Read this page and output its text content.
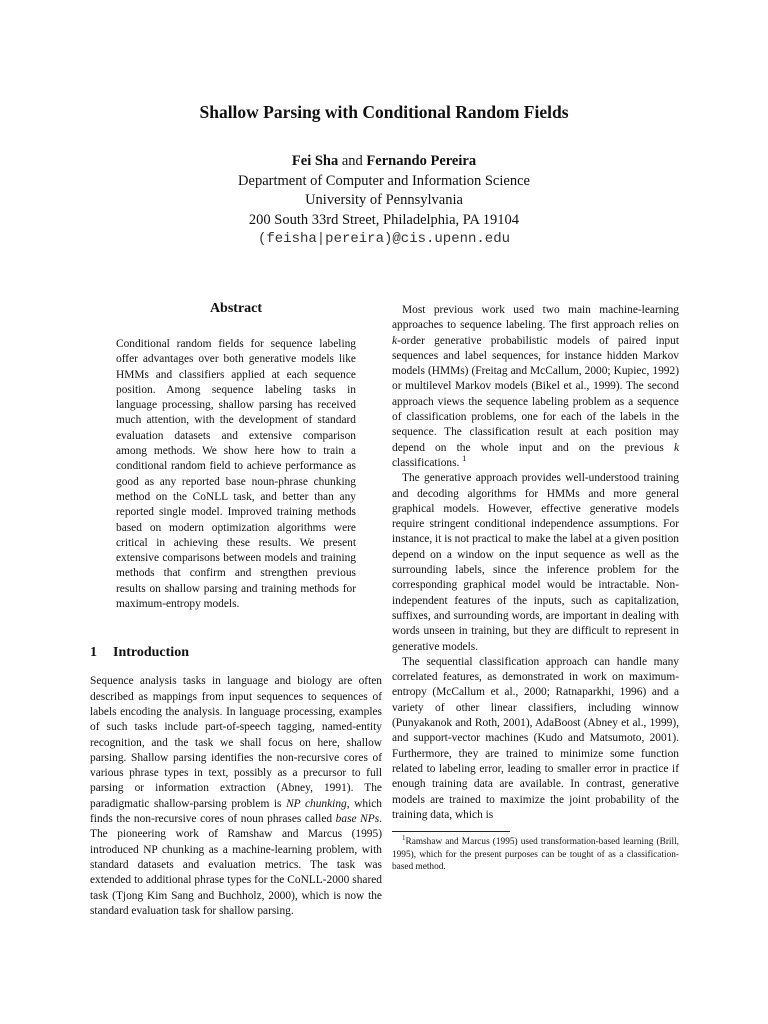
Shallow Parsing with Conditional Random Fields
Fei Sha and Fernando Pereira
Department of Computer and Information Science
University of Pennsylvania
200 South 33rd Street, Philadelphia, PA 19104
(feisha|pereira)@cis.upenn.edu
Abstract

Conditional random fields for sequence labeling offer advantages over both generative models like HMMs and classifiers applied at each sequence position. Among sequence labeling tasks in language processing, shallow parsing has received much attention, with the development of standard evaluation datasets and extensive comparison among methods. We show here how to train a conditional random field to achieve performance as good as any reported base noun-phrase chunking method on the CoNLL task, and better than any reported single model. Improved training methods based on modern optimization algorithms were critical in achieving these results. We present extensive comparisons between models and training methods that confirm and strengthen previous results on shallow parsing and training methods for maximum-entropy models.

1 Introduction

Sequence analysis tasks in language and biology are often described as mappings from input sequences to sequences of labels encoding the analysis. In language processing, examples of such tasks include part-of-speech tagging, named-entity recognition, and the task we shall focus on here, shallow parsing. Shallow parsing identifies the non-recursive cores of various phrase types in text, possibly as a precursor to full parsing or information extraction (Abney, 1991). The paradigmatic shallow-parsing problem is NP chunking, which finds the non-recursive cores of noun phrases called base NPs. The pioneering work of Ramshaw and Marcus (1995) introduced NP chunking as a machine-learning problem, with standard datasets and evaluation metrics. The task was extended to additional phrase types for the CoNLL-2000 shared task (Tjong Kim Sang and Buchholz, 2000), which is now the standard evaluation task for shallow parsing.

Most previous work used two main machine-learning approaches to sequence labeling. The first approach relies on k-order generative probabilistic models of paired input sequences and label sequences, for instance hidden Markov models (HMMs) (Freitag and McCallum, 2000; Kupiec, 1992) or multilevel Markov models (Bikel et al., 1999). The second approach views the sequence labeling problem as a sequence of classification problems, one for each of the labels in the sequence. The classification result at each position may depend on the whole input and on the previous k classifications. $^1$

The generative approach provides well-understood training and decoding algorithms for HMMs and more general graphical models. However, effective generative models require stringent conditional independence assumptions. For instance, it is not practical to make the label at a given position depend on a window on the input sequence as well as the surrounding labels, since the inference problem for the corresponding graphical model would be intractable. Non-independent features of the inputs, such as capitalization, suffixes, and surrounding words, are important in dealing with words unseen in training, but they are difficult to represent in generative models.

The sequential classification approach can handle many correlated features, as demonstrated in work on maximum-entropy (McCallum et al., 2000; Ratnaparkhi, 1996) and a variety of other linear classifiers, including winnow (Punyakanok and Roth, 2001), AdaBoost (Abney et al., 1999), and support-vector machines (Kudo and Matsumoto, 2001). Furthermore, they are trained to minimize some function related to labeling error, leading to smaller error in practice if enough training data are available. In contrast, generative models are trained to maximize the joint probability of the training data, which is

$^1$Ramshaw and Marcus (1995) used transformation-based learning (Brill, 1995), which for the present purposes can be tought of as a classification-based method.
